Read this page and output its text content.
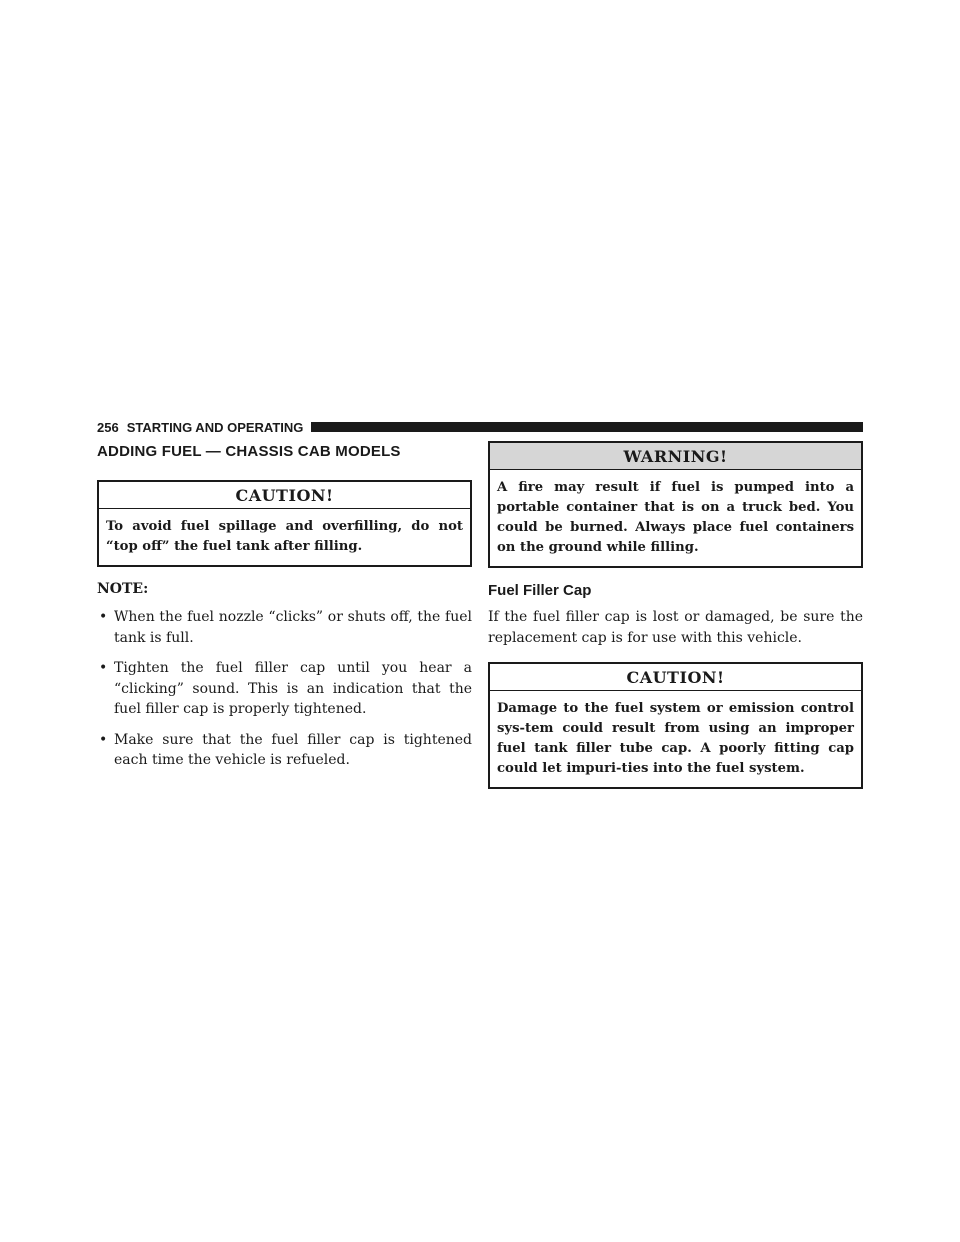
256 STARTING AND OPERATING
ADDING FUEL — CHASSIS CAB MODELS
CAUTION!
To avoid fuel spillage and overfilling, do not “top off” the fuel tank after filling.
NOTE:
• When the fuel nozzle “clicks” or shuts off, the fuel tank is full.
• Tighten the fuel filler cap until you hear a “clicking” sound. This is an indication that the fuel filler cap is properly tightened.
• Make sure that the fuel filler cap is tightened each time the vehicle is refueled.
WARNING!
A fire may result if fuel is pumped into a portable container that is on a truck bed. You could be burned. Always place fuel containers on the ground while filling.
Fuel Filler Cap

If the fuel filler cap is lost or damaged, be sure the replacement cap is for use with this vehicle.

CAUTION!
Damage to the fuel system or emission control sys-tem could result from using an improper fuel tank filler tube cap. A poorly fitting cap could let impuri-ties into the fuel system.
